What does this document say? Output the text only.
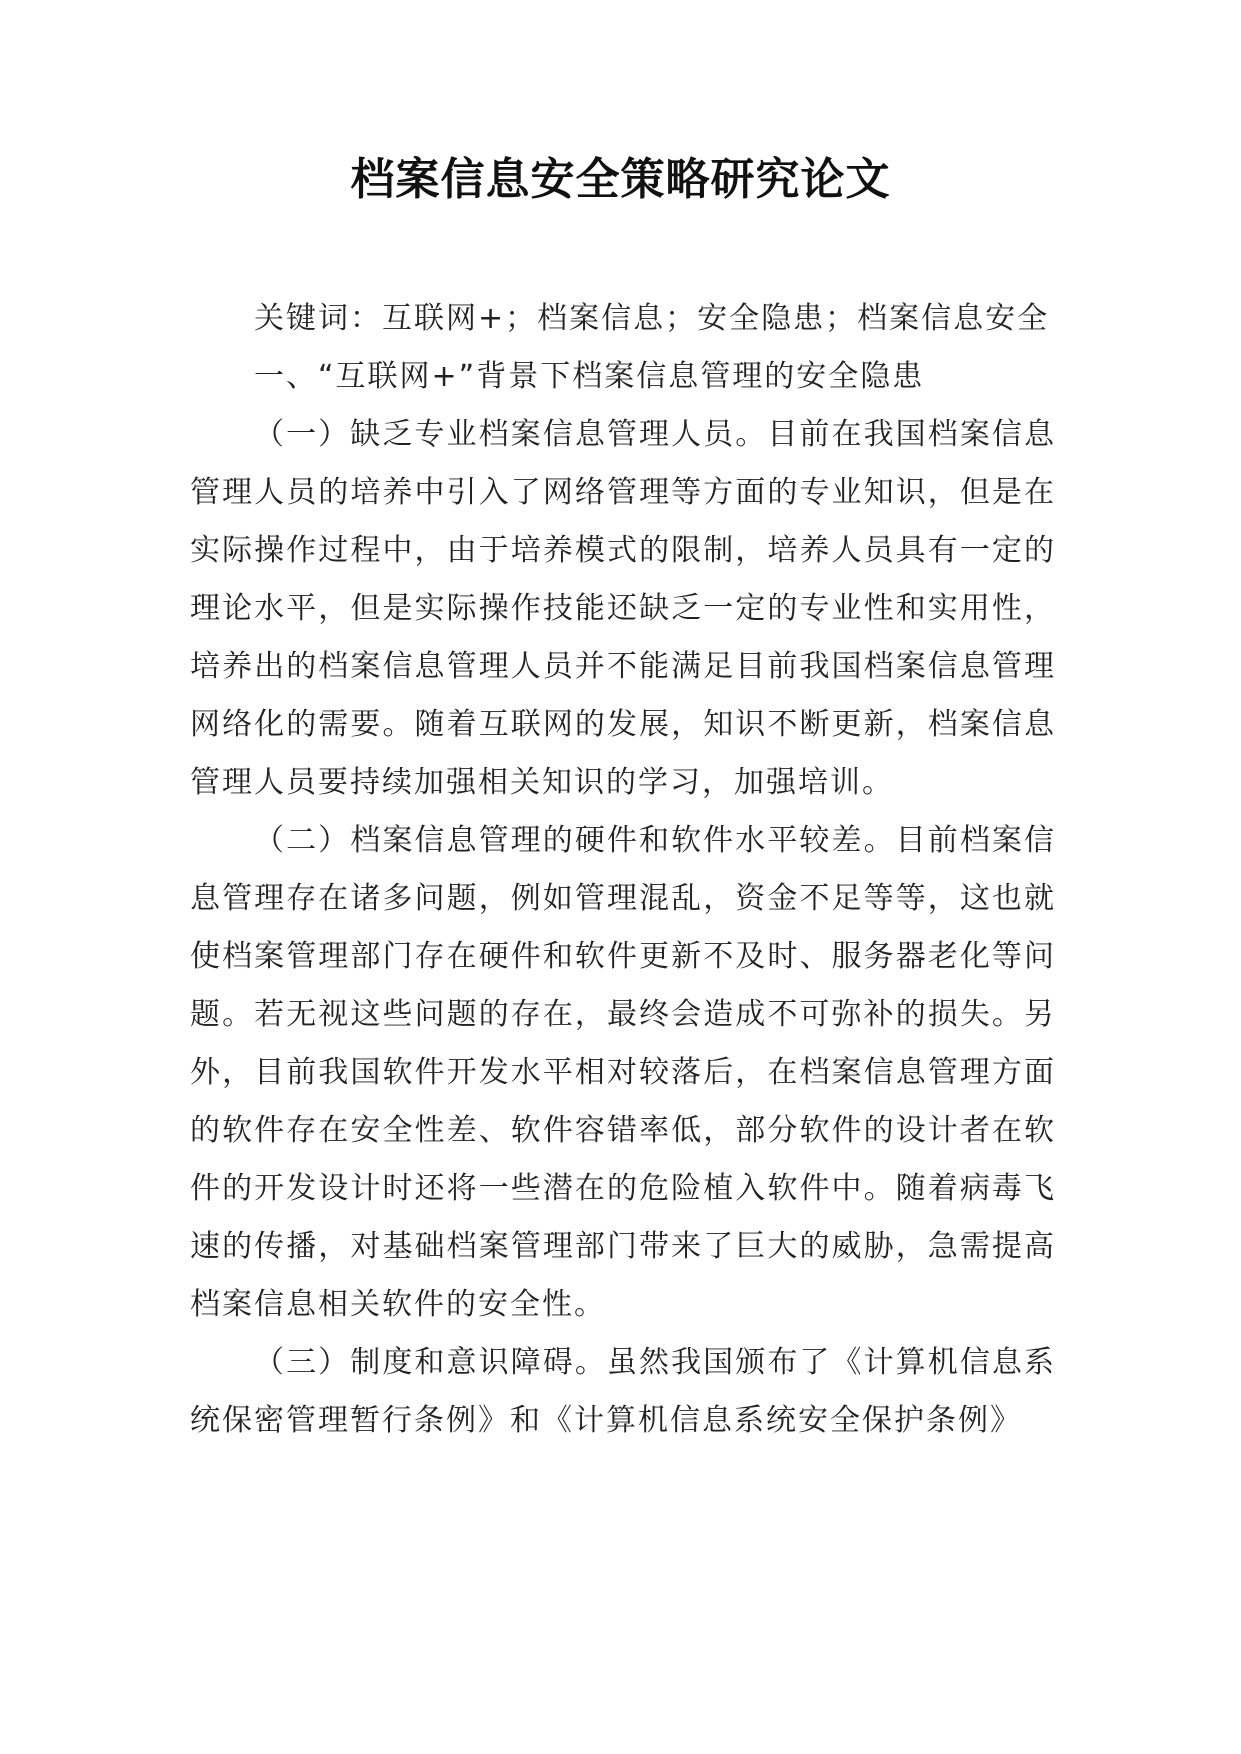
档案信息安全策略研究论文

关键词：互联网+；档案信息；安全隐患；档案信息安全

一、“互联网+”背景下档案信息管理的安全隐患

（一）缺乏专业档案信息管理人员。目前在我国档案信息管理人员的培养中引入了网络管理等方面的专业知识，但是在实际操作过程中，由于培养模式的限制，培养人员具有一定的理论水平，但是实际操作技能还缺乏一定的专业性和实用性，培养出的档案信息管理人员并不能满足目前我国档案信息管理网络化的需要。随着互联网的发展，知识不断更新，档案信息管理人员要持续加强相关知识的学习，加强培训。

（二）档案信息管理的硬件和软件水平较差。目前档案信息管理存在诸多问题，例如管理混乱，资金不足等等，这也就使档案管理部门存在硬件和软件更新不及时、服务器老化等问题。若无视这些问题的存在，最终会造成不可弥补的损失。另外，目前我国软件开发水平相对较落后，在档案信息管理方面的软件存在安全性差、软件容错率低，部分软件的设计者在软件的开发设计时还将一些潜在的危险植入软件中。随着病毒飞速的传播，对基础档案管理部门带来了巨大的威胁，急需提高档案信息相关软件的安全性。

（三）制度和意识障碍。虽然我国颁布了《计算机信息系统保密管理暂行条例》和《计算机信息系统安全保护条例》
